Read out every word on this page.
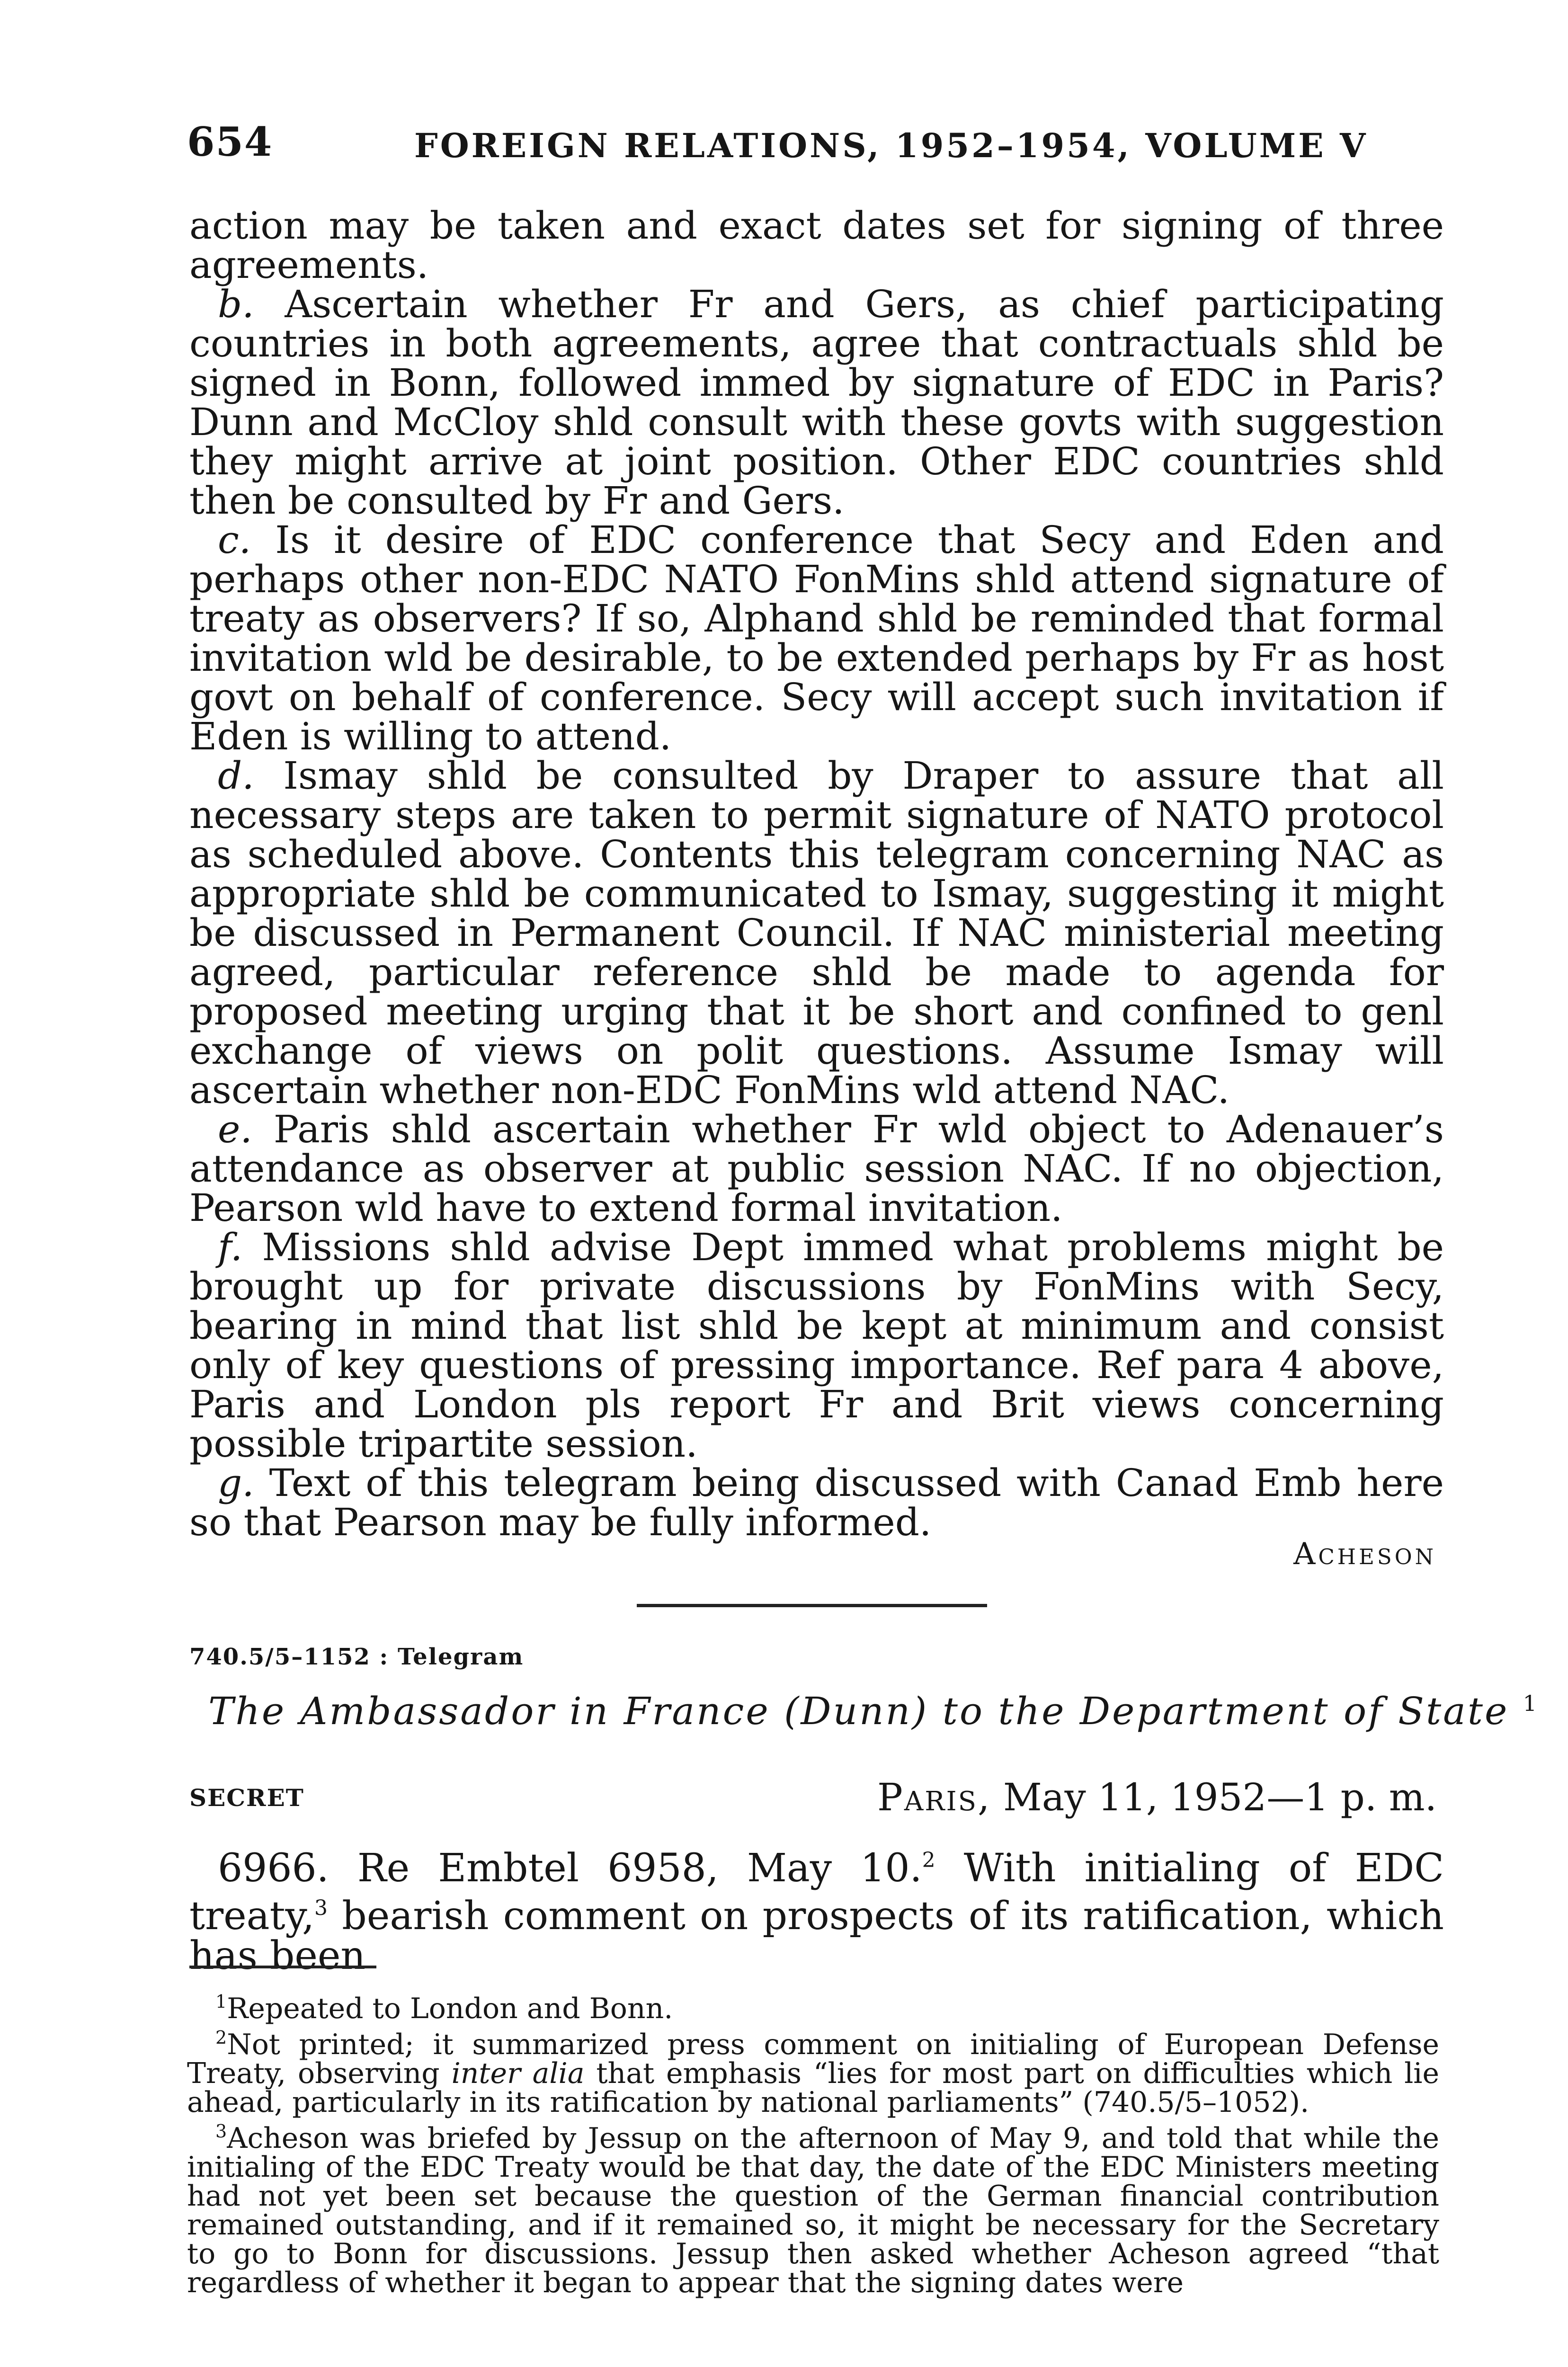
654	FOREIGN RELATIONS, 1952–1954, VOLUME V

action may be taken and exact dates set for signing of three agreements.

b. Ascertain whether Fr and Gers, as chief participating countries in both agreements, agree that contractuals shld be signed in Bonn, followed immed by signature of EDC in Paris? Dunn and McCloy shld consult with these govts with suggestion they might arrive at joint position. Other EDC countries shld then be consulted by Fr and Gers.

c. Is it desire of EDC conference that Secy and Eden and perhaps other non-EDC NATO FonMins shld attend signature of treaty as observers? If so, Alphand shld be reminded that formal invitation wld be desirable, to be extended perhaps by Fr as host govt on behalf of conference. Secy will accept such invitation if Eden is willing to attend.

d. Ismay shld be consulted by Draper to assure that all necessary steps are taken to permit signature of NATO protocol as scheduled above. Contents this telegram concerning NAC as appropriate shld be communicated to Ismay, suggesting it might be discussed in Permanent Council. If NAC ministerial meeting agreed, particular reference shld be made to agenda for proposed meeting urging that it be short and confined to genl exchange of views on polit questions. Assume Ismay will ascertain whether non-EDC FonMins wld attend NAC.

e. Paris shld ascertain whether Fr wld object to Adenauer’s attendance as observer at public session NAC. If no objection, Pearson wld have to extend formal invitation.

f. Missions shld advise Dept immed what problems might be brought up for private discussions by FonMins with Secy, bearing in mind that list shld be kept at minimum and consist only of key questions of pressing importance. Ref para 4 above, Paris and London pls report Fr and Brit views concerning possible tripartite session.

g. Text of this telegram being discussed with Canad Emb here so that Pearson may be fully informed.

Acheson
740.5/5–1152 : Telegram
The Ambassador in France (Dunn) to the Department of State $^1$
SECRET	Paris, May 11, 1952—1 p. m.

6966. Re Embtel 6958, May 10.$^2$ With initialing of EDC treaty,$^3$ bearish comment on prospects of its ratification, which has been

$^1$Repeated to London and Bonn.

$^2$Not printed; it summarized press comment on initialing of European Defense Treaty, observing inter alia that emphasis “lies for most part on difficulties which lie ahead, particularly in its ratification by national parliaments” (740.5/5–1052).

$^3$Acheson was briefed by Jessup on the afternoon of May 9, and told that while the initialing of the EDC Treaty would be that day, the date of the EDC Ministers meeting had not yet been set because the question of the German financial contribution remained outstanding, and if it remained so, it might be necessary for the Secretary to go to Bonn for discussions. Jessup then asked whether Acheson agreed “that regardless of whether it began to appear that the signing dates were
